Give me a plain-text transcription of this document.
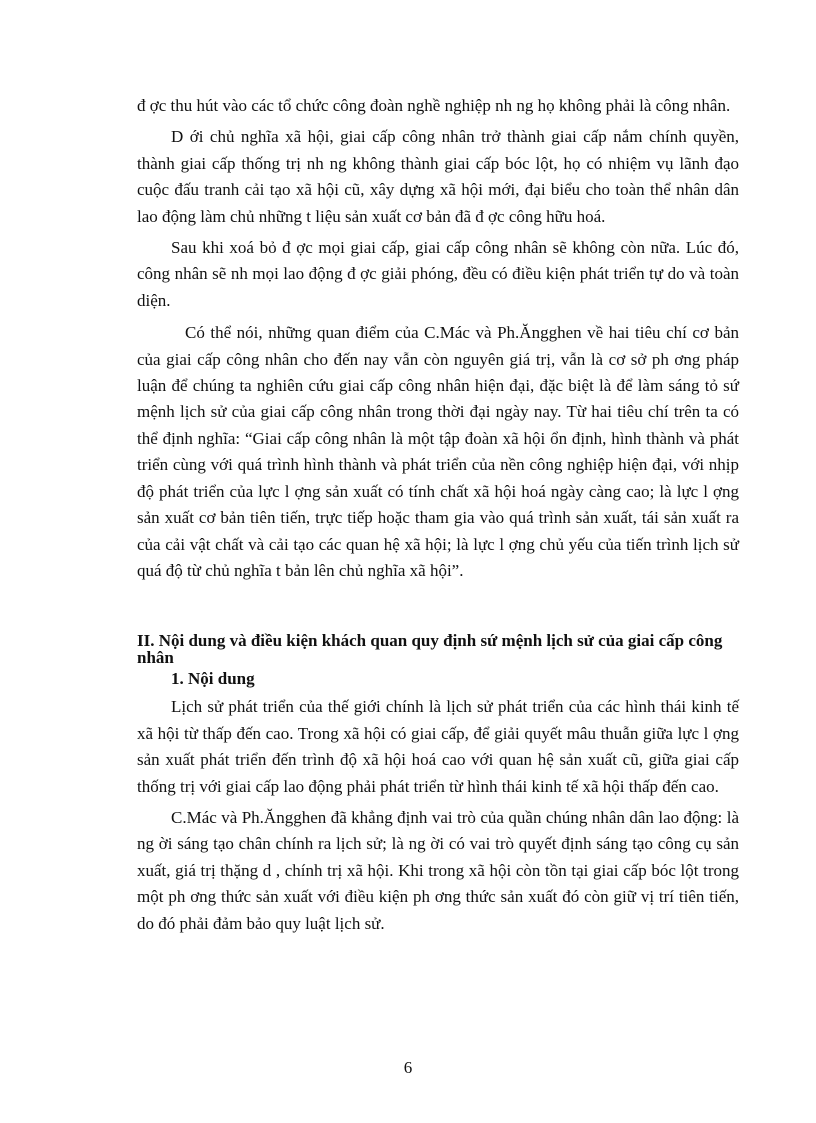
đ ợc thu hút vào các tổ chức công đoàn nghề nghiệp nh ng họ không phải là công nhân.

D ới chủ nghĩa xã hội, giai cấp công nhân trở thành giai cấp nắm chính quyền, thành giai cấp thống trị nh ng không thành giai cấp bóc lột, họ có nhiệm vụ lãnh đạo cuộc đấu tranh cải tạo xã hội cũ, xây dựng xã hội mới, đại biểu cho toàn thể nhân dân lao động làm chủ những t liệu sản xuất cơ bản đã đ ợc công hữu hoá.

Sau khi xoá bỏ đ ợc mọi giai cấp, giai cấp công nhân sẽ không còn nữa. Lúc đó, công nhân sẽ nh mọi lao động đ ợc giải phóng, đều có điều kiện phát triển tự do và toàn diện.

Có thể nói, những quan điểm của C.Mác và Ph.Ăngghen về hai tiêu chí cơ bản của giai cấp công nhân cho đến nay vẫn còn nguyên giá trị, vẫn là cơ sở ph ơng pháp luận để chúng ta nghiên cứu giai cấp công nhân hiện đại, đặc biệt là để làm sáng tỏ sứ mệnh lịch sử của giai cấp công nhân trong thời đại ngày nay. Từ hai tiêu chí trên ta có thể định nghĩa: “Giai cấp công nhân là một tập đoàn xã hội ổn định, hình thành và phát triển cùng với quá trình hình thành và phát triển của nền công nghiệp hiện đại, với nhịp độ phát triển của lực l ợng sản xuất có tính chất xã hội hoá ngày càng cao; là lực l ợng sản xuất cơ bản tiên tiến, trực tiếp hoặc tham gia vào quá trình sản xuất, tái sản xuất ra của cải vật chất và cải tạo các quan hệ xã hội; là lực l ợng chủ yếu của tiến trình lịch sử quá độ từ chủ nghĩa t bản lên chủ nghĩa xã hội”.

II. Nội dung và điều kiện khách quan quy định sứ mệnh lịch sử của giai cấp công nhân
1. Nội dung

Lịch sử phát triển của thế giới chính là lịch sử phát triển của các hình thái kinh tế xã hội từ thấp đến cao. Trong xã hội có giai cấp, để giải quyết mâu thuẫn giữa lực l ợng sản xuất phát triển đến trình độ xã hội hoá cao với quan hệ sản xuất cũ, giữa giai cấp thống trị với giai cấp lao động phải phát triển từ hình thái kinh tế xã hội thấp đến cao.

C.Mác và Ph.Ăngghen đã khẳng định vai trò của quần chúng nhân dân lao động: là ng ời sáng tạo chân chính ra lịch sử; là ng ời có vai trò quyết định sáng tạo công cụ sản xuất, giá trị thặng d , chính trị xã hội. Khi trong xã hội còn tồn tại giai cấp bóc lột trong một ph ơng thức sản xuất với điều kiện ph ơng thức sản xuất đó còn giữ vị trí tiên tiến, do đó phải đảm bảo quy luật lịch sử.

6
